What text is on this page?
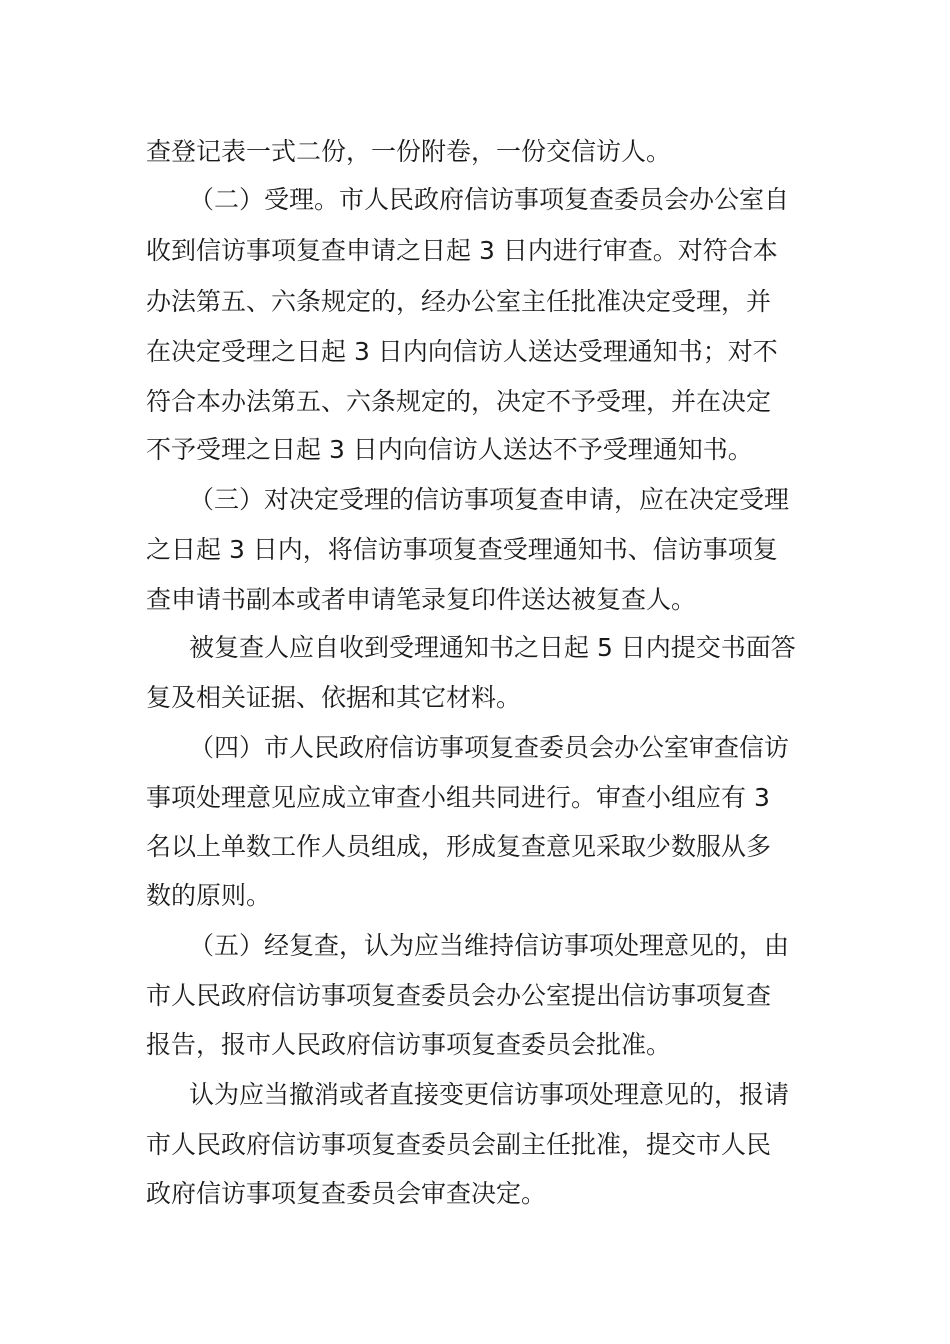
查登记表一式二份，一份附卷，一份交信访人。
（二）受理。市人民政府信访事项复查委员会办公室自
收到信访事项复查申请之日起 3 日内进行审查。对符合本
办法第五、六条规定的，经办公室主任批准决定受理，并
在决定受理之日起 3 日内向信访人送达受理通知书；对不
符合本办法第五、六条规定的，决定不予受理，并在决定
不予受理之日起 3 日内向信访人送达不予受理通知书。
（三）对决定受理的信访事项复查申请，应在决定受理
之日起 3 日内，将信访事项复查受理通知书、信访事项复
查申请书副本或者申请笔录复印件送达被复查人。
被复查人应自收到受理通知书之日起 5 日内提交书面答
复及相关证据、依据和其它材料。
（四）市人民政府信访事项复查委员会办公室审查信访
事项处理意见应成立审查小组共同进行。审查小组应有 3
名以上单数工作人员组成，形成复查意见采取少数服从多
数的原则。
（五）经复查，认为应当维持信访事项处理意见的，由
市人民政府信访事项复查委员会办公室提出信访事项复查
报告，报市人民政府信访事项复查委员会批准。
认为应当撤消或者直接变更信访事项处理意见的，报请
市人民政府信访事项复查委员会副主任批准，提交市人民
政府信访事项复查委员会审查决定。
